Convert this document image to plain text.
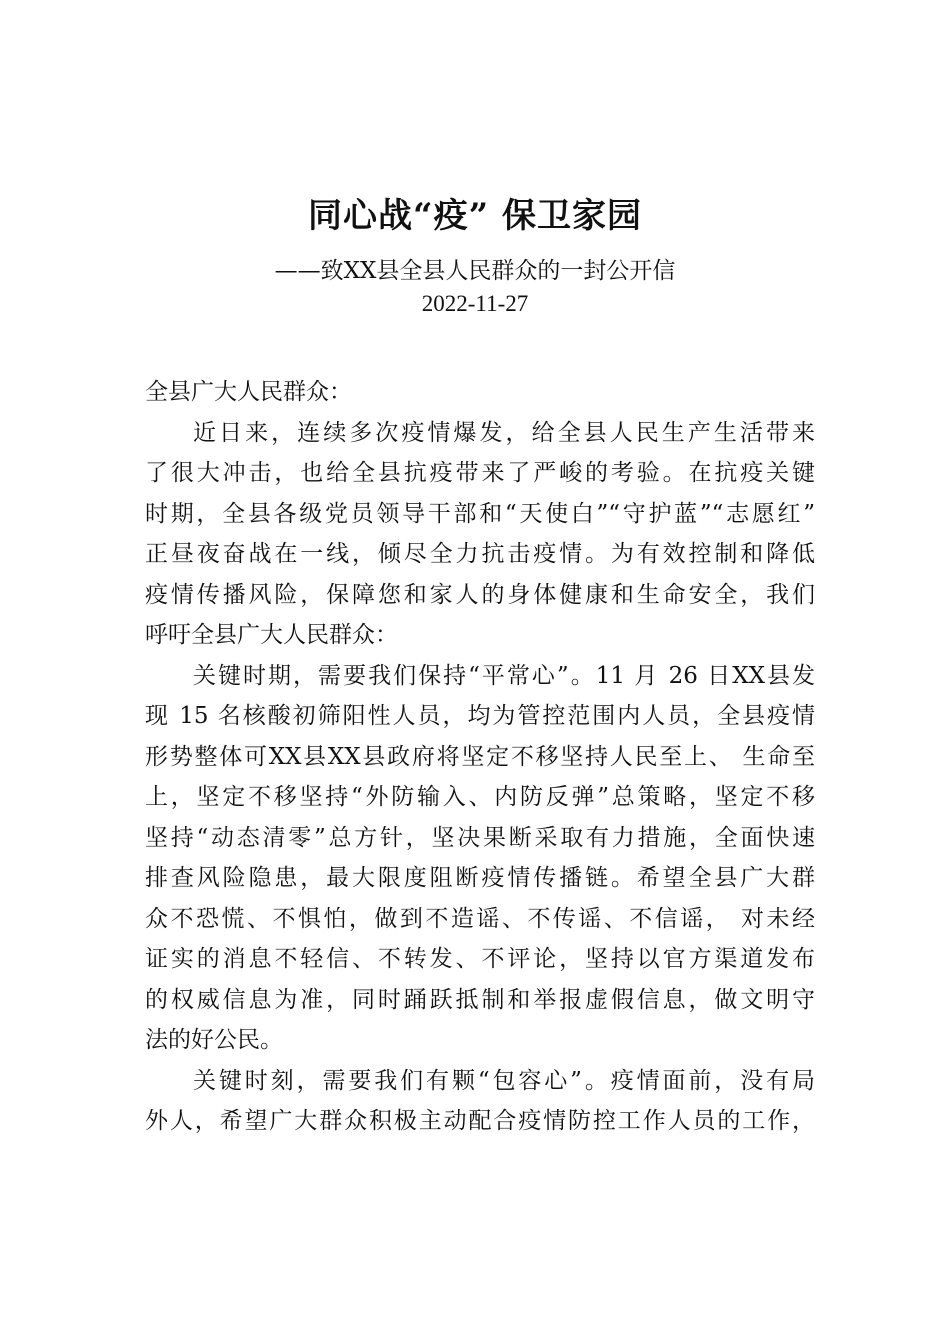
同心战“疫” 保卫家园
——致XX县全县人民群众的一封公开信
2022-11-27
全县广大人民群众：
近日来，连续多次疫情爆发，给全县人民生产生活带来
了很大冲击，也给全县抗疫带来了严峻的考验。在抗疫关键
时期，全县各级党员领导干部和“天使白”“守护蓝”“志愿红”
正昼夜奋战在一线，倾尽全力抗击疫情。为有效控制和降低
疫情传播风险，保障您和家人的身体健康和生命安全，我们
呼吁全县广大人民群众：
关键时期，需要我们保持“平常心”。11 月 26 日XX县发
现 15 名核酸初筛阳性人员，均为管控范围内人员，全县疫情
形势整体可XX县XX县政府将坚定不移坚持人民至上、 生命至
上，坚定不移坚持“外防输入、内防反弹”总策略，坚定不移
坚持“动态清零”总方针，坚决果断采取有力措施，全面快速
排查风险隐患，最大限度阻断疫情传播链。希望全县广大群
众不恐慌、不惧怕，做到不造谣、不传谣、不信谣， 对未经
证实的消息不轻信、不转发、不评论，坚持以官方渠道发布
的权威信息为准，同时踊跃抵制和举报虚假信息，做文明守
法的好公民。
关键时刻，需要我们有颗“包容心”。疫情面前，没有局
外人，希望广大群众积极主动配合疫情防控工作人员的工作，
